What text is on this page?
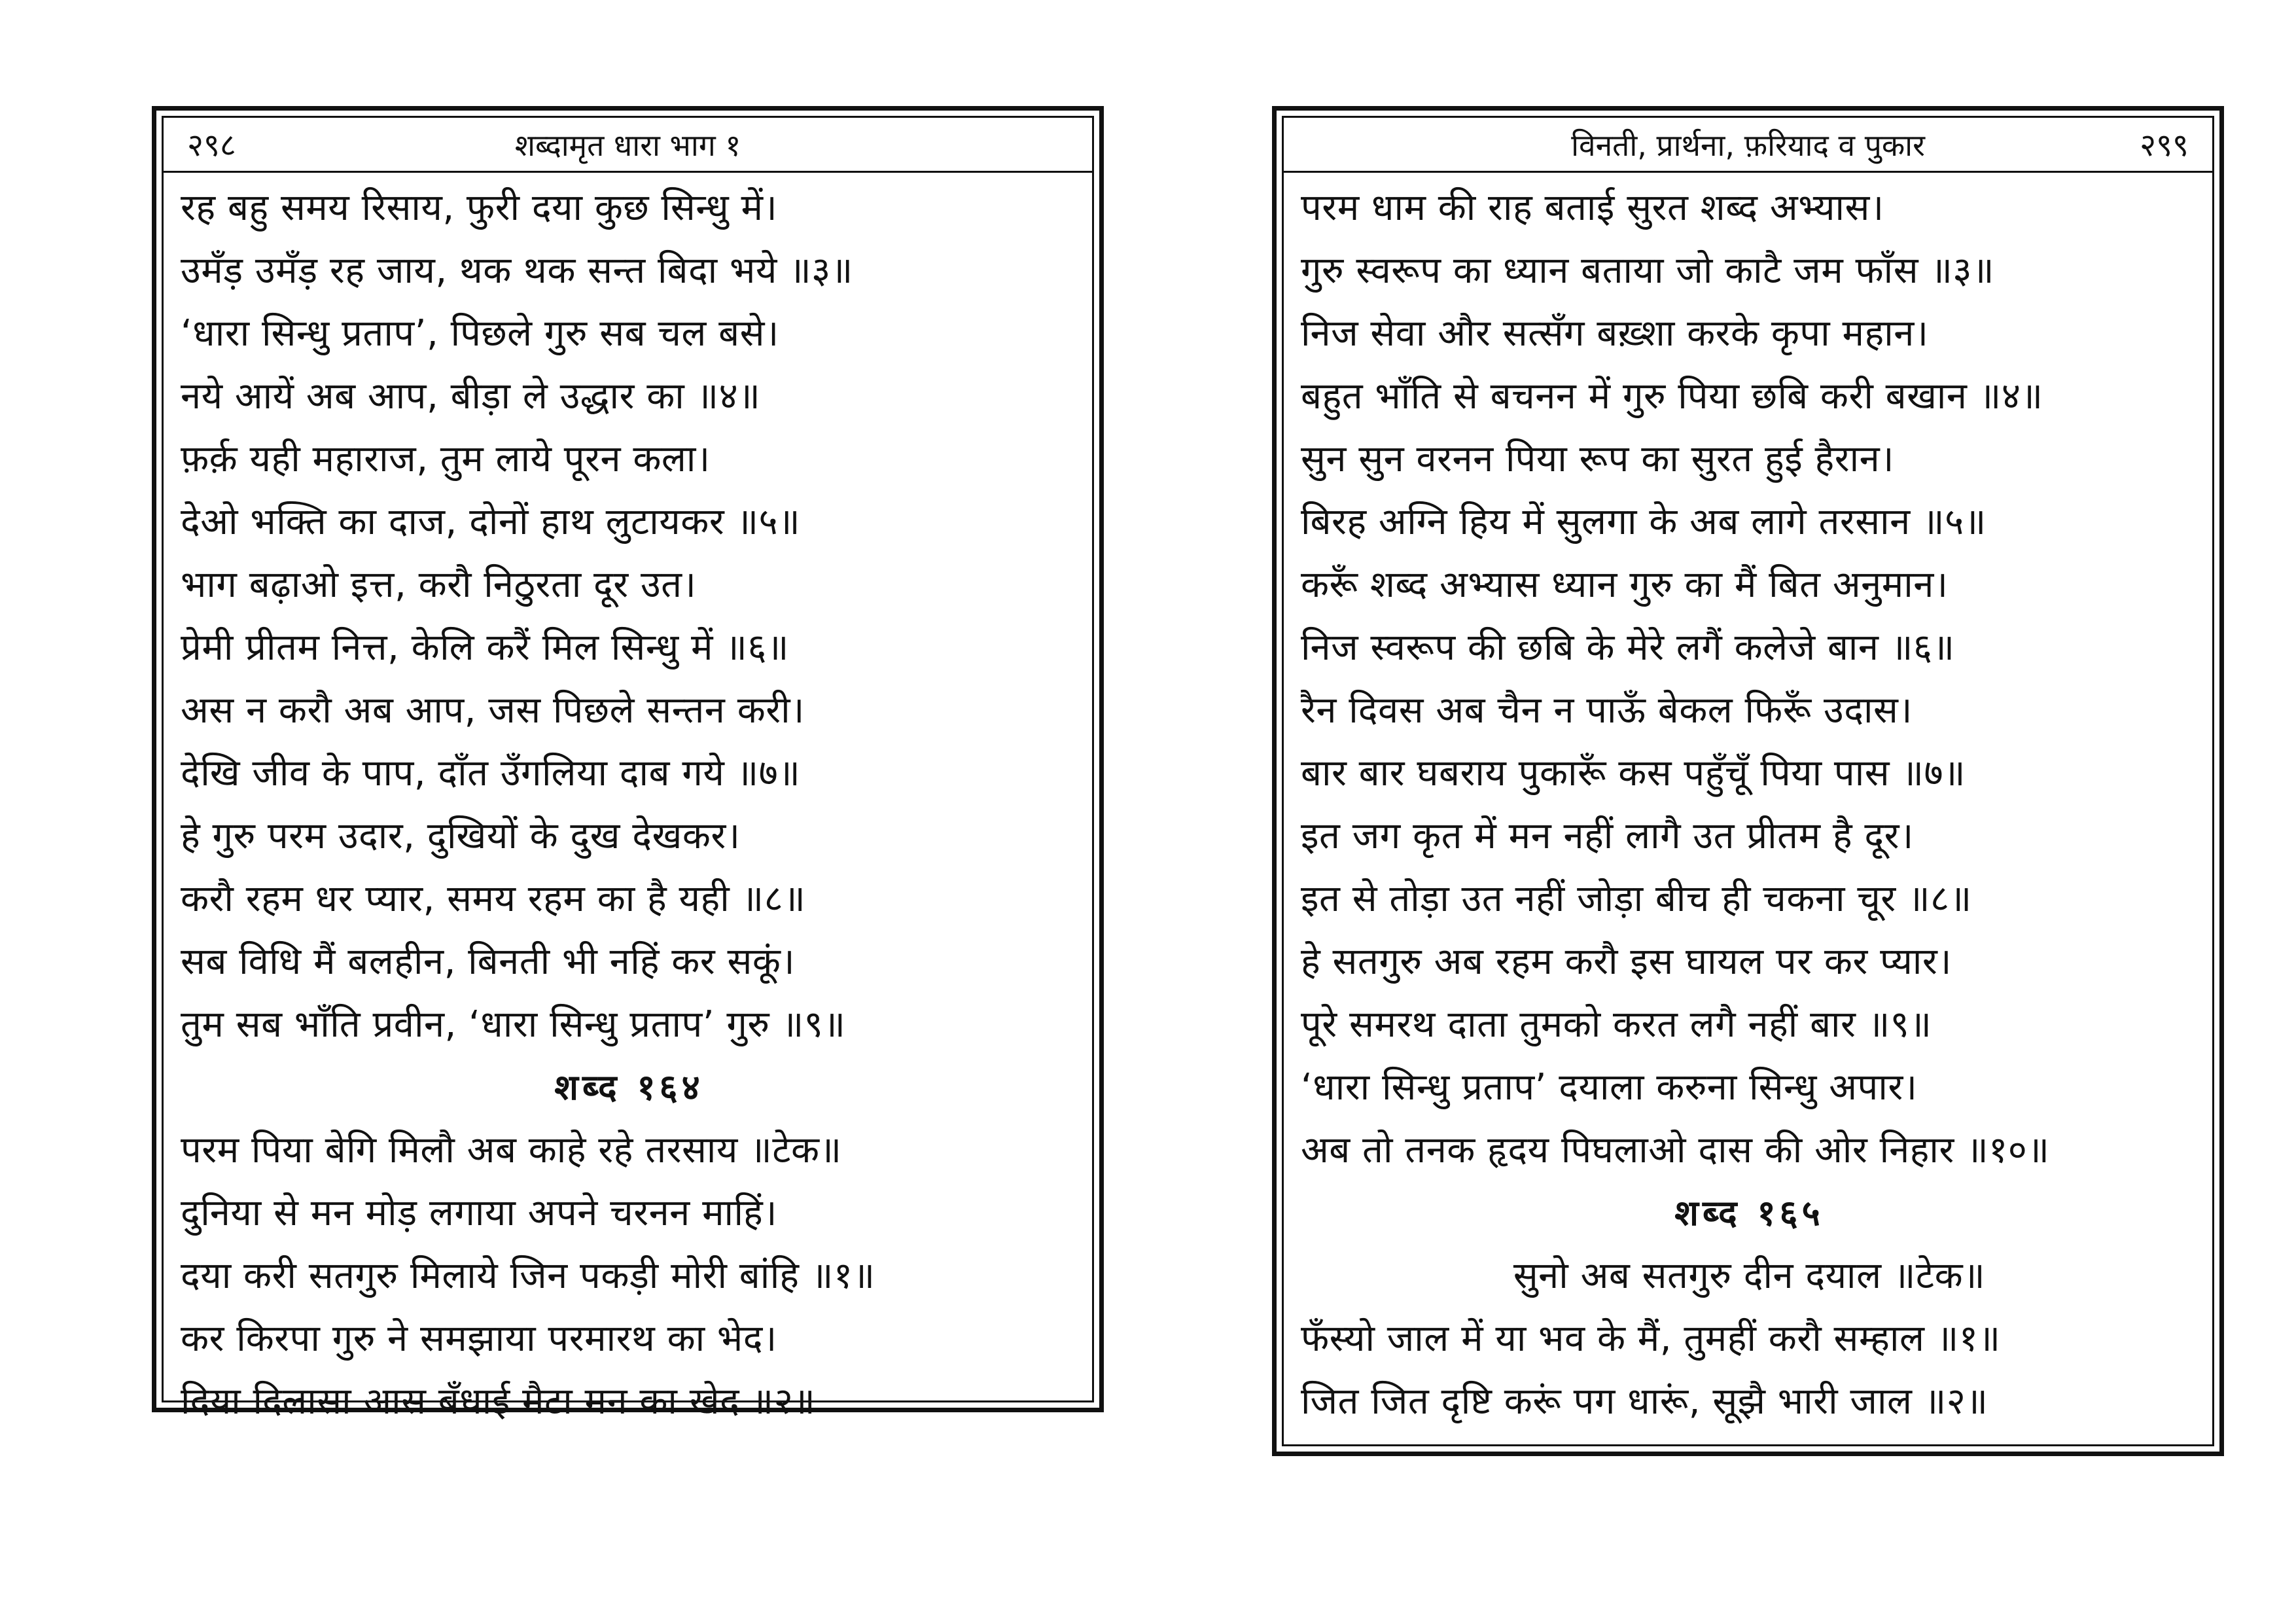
२९८	शब्दामृत धारा भाग १
रह बहु समय रिसाय, फुरी दया कुछ सिन्धु में।
उमँड़ उमँड़ रह जाय, थक थक सन्त बिदा भये ॥३॥
‘धारा सिन्धु प्रताप’, पिछले गुरु सब चल बसे।
नये आयें अब आप, बीड़ा ले उद्धार का ॥४॥
फ़र्क़ यही महाराज, तुम लाये पूरन कला।
देओ भक्ति का दाज, दोनों हाथ लुटायकर ॥५॥
भाग बढ़ाओ इत्त, करौ निठुरता दूर उत।
प्रेमी प्रीतम नित्त, केलि करैं मिल सिन्धु में ॥६॥
अस न करौ अब आप, जस पिछले सन्तन करी।
देखि जीव के पाप, दाँत उँगलिया दाब गये ॥७॥
हे गुरु परम उदार, दुखियों के दुख देखकर।
करौ रहम धर प्यार, समय रहम का है यही ॥८॥
सब विधि मैं बलहीन, बिनती भी नहिं कर सकूं।
तुम सब भाँति प्रवीन, ‘धारा सिन्धु प्रताप’ गुरु ॥९॥
शब्द १६४
परम पिया बेगि मिलौ अब काहे रहे तरसाय ॥टेक॥
दुनिया से मन मोड़ लगाया अपने चरनन माहिं।
दया करी सतगुरु मिलाये जिन पकड़ी मोरी बांहि ॥१॥
कर किरपा गुरु ने समझाया परमारथ का भेद।
दिया दिलासा आस बँधाई मैटा मन का खेद ॥२॥
विनती, प्रार्थना, फ़रियाद व पुकार	२९९
परम धाम की राह बताई सुरत शब्द अभ्यास।
गुरु स्वरूप का ध्यान बताया जो काटै जम फाँस ॥३॥
निज सेवा और सत्सँग बख़्शा करके कृपा महान।
बहुत भाँति से बचनन में गुरु पिया छबि करी बखान ॥४॥
सुन सुन वरनन पिया रूप का सुरत हुई हैरान।
बिरह अग्नि हिय में सुलगा के अब लागे तरसान ॥५॥
करूँ शब्द अभ्यास ध्यान गुरु का मैं बित अनुमान।
निज स्वरूप की छबि के मेरे लगैं कलेजे बान ॥६॥
रैन दिवस अब चैन न पाऊँ बेकल फिरूँ उदास।
बार बार घबराय पुकारूँ कस पहुँचूँ पिया पास ॥७॥
इत जग कृत में मन नहीं लागै उत प्रीतम है दूर।
इत से तोड़ा उत नहीं जोड़ा बीच ही चकना चूर ॥८॥
हे सतगुरु अब रहम करौ इस घायल पर कर प्यार।
पूरे समरथ दाता तुमको करत लगै नहीं बार ॥९॥
‘धारा सिन्धु प्रताप’ दयाला करुना सिन्धु अपार।
अब तो तनक हृदय पिघलाओ दास की ओर निहार ॥१०॥
शब्द १६५
सुनो अब सतगुरु दीन दयाल ॥टेक॥
फँस्यो जाल में या भव के मैं, तुमहीं करौ सम्हाल ॥१॥
जित जित दृष्टि करूं पग धारूं, सूझै भारी जाल ॥२॥
